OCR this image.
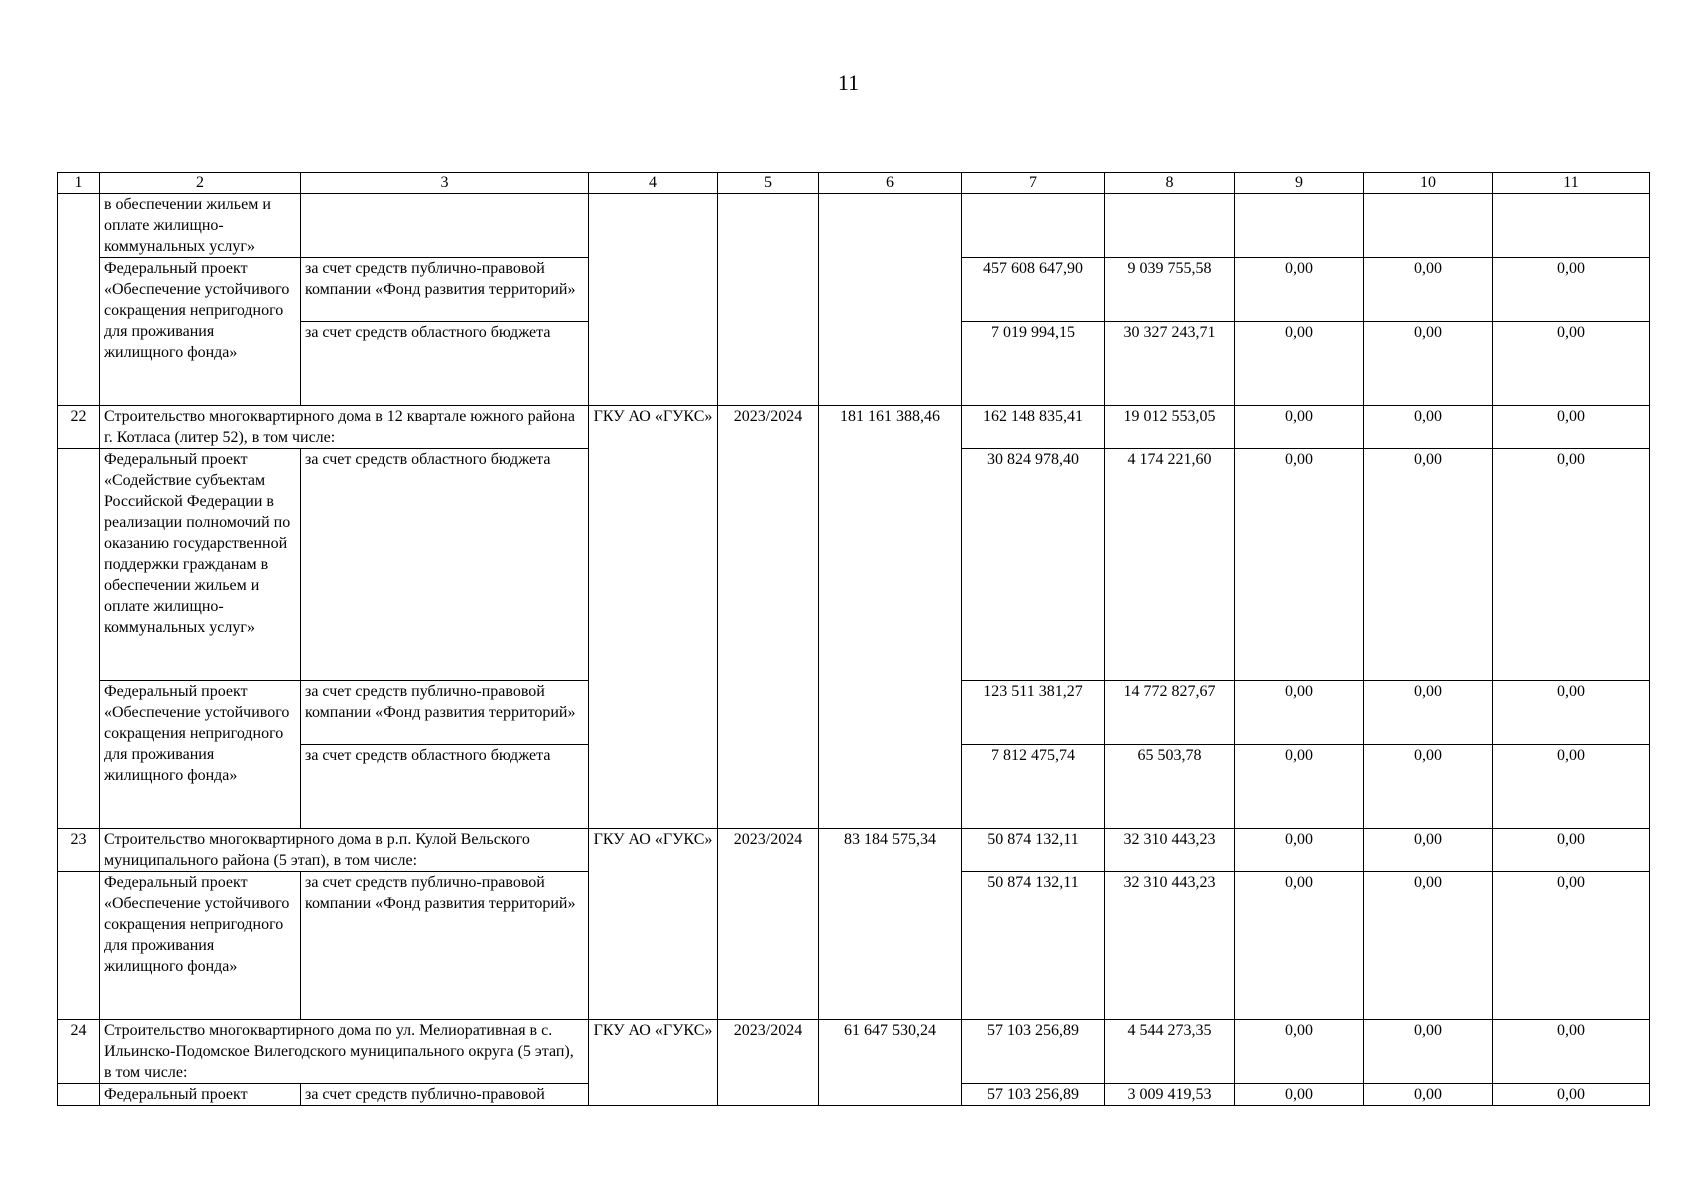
11
1	2	3	4	5	6	7	8	9	10	11
	в обеспечении жильем и оплате жилищно-коммунальных услуг»									
	Федеральный проект «Обеспечение устойчивого сокращения непригодного для проживания жилищного фонда»	за счет средств публично-правовой компании «Фонд развития территорий»				457 608 647,90	9 039 755,58	0,00	0,00	0,00
		за счет средств областного бюджета				7 019 994,15	30 327 243,71	0,00	0,00	0,00
22	Строительство многоквартирного дома в 12 квартале южного района г. Котласа (литер 52), в том числе:		ГКУ АО «ГУКС»	2023/2024	181 161 388,46	162 148 835,41	19 012 553,05	0,00	0,00	0,00
	Федеральный проект «Содействие субъектам Российской Федерации в реализации полномочий по оказанию государственной поддержки гражданам в обеспечении жильем и оплате жилищно-коммунальных услуг»	за счет средств областного бюджета				30 824 978,40	4 174 221,60	0,00	0,00	0,00
	Федеральный проект «Обеспечение устойчивого сокращения непригодного для проживания жилищного фонда»	за счет средств публично-правовой компании «Фонд развития территорий»				123 511 381,27	14 772 827,67	0,00	0,00	0,00
		за счет средств областного бюджета				7 812 475,74	65 503,78	0,00	0,00	0,00
23	Строительство многоквартирного дома в р.п. Кулой Вельского муниципального района (5 этап), в том числе:		ГКУ АО «ГУКС»	2023/2024	83 184 575,34	50 874 132,11	32 310 443,23	0,00	0,00	0,00
	Федеральный проект «Обеспечение устойчивого сокращения непригодного для проживания жилищного фонда»	за счет средств публично-правовой компании «Фонд развития территорий»				50 874 132,11	32 310 443,23	0,00	0,00	0,00
24	Строительство многоквартирного дома по ул. Мелиоративная в с. Ильинско-Подомское Вилегодского муниципального округа (5 этап), в том числе:		ГКУ АО «ГУКС»	2023/2024	61 647 530,24	57 103 256,89	4 544 273,35	0,00	0,00	0,00
	Федеральный проект	за счет средств публично-правовой				57 103 256,89	3 009 419,53	0,00	0,00	0,00
